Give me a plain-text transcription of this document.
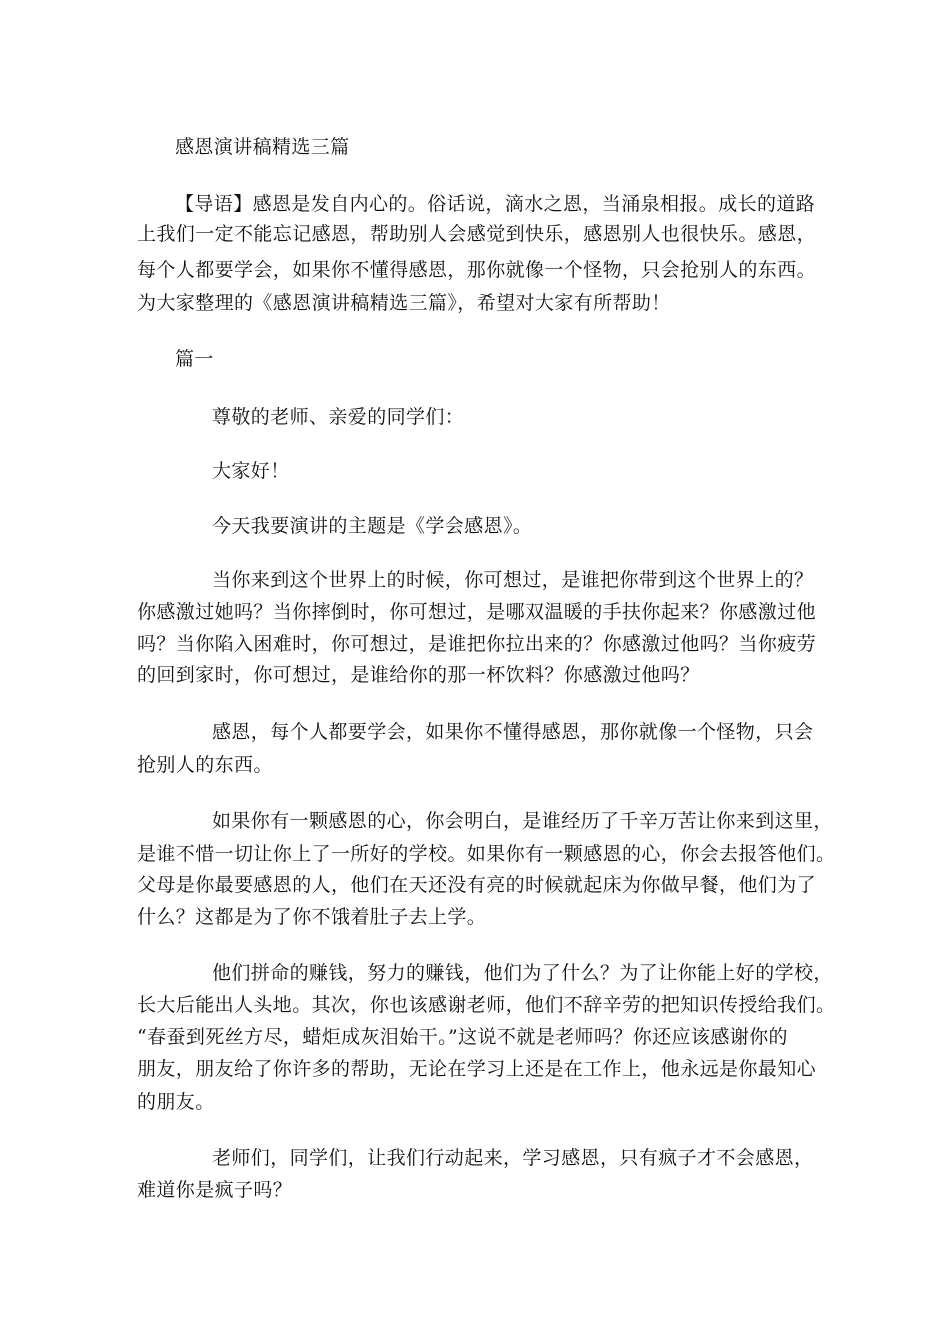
感恩演讲稿精选三篇
【导语】感恩是发自内心的。俗话说，滴水之恩，当涌泉相报。成长的道路
上我们一定不能忘记感恩，帮助别人会感觉到快乐，感恩别人也很快乐。感恩，
每个人都要学会，如果你不懂得感恩，那你就像一个怪物，只会抢别人的东西。
为大家整理的《感恩演讲稿精选三篇》，希望对大家有所帮助！
篇一
尊敬的老师、亲爱的同学们：
大家好！
今天我要演讲的主题是《学会感恩》。
当你来到这个世界上的时候，你可想过，是谁把你带到这个世界上的？
你感激过她吗？当你摔倒时，你可想过，是哪双温暖的手扶你起来？你感激过他
吗？当你陷入困难时，你可想过，是谁把你拉出来的？你感激过他吗？当你疲劳
的回到家时，你可想过，是谁给你的那一杯饮料？你感激过他吗？
感恩，每个人都要学会，如果你不懂得感恩，那你就像一个怪物，只会
抢别人的东西。
如果你有一颗感恩的心，你会明白，是谁经历了千辛万苦让你来到这里，
是谁不惜一切让你上了一所好的学校。如果你有一颗感恩的心，你会去报答他们。
父母是你最要感恩的人，他们在天还没有亮的时候就起床为你做早餐，他们为了
什么？这都是为了你不饿着肚子去上学。
他们拼命的赚钱，努力的赚钱，他们为了什么？为了让你能上好的学校，
长大后能出人头地。其次，你也该感谢老师，他们不辞辛劳的把知识传授给我们。
“春蚕到死丝方尽，蜡炬成灰泪始干。”这说不就是老师吗？你还应该感谢你的
朋友，朋友给了你许多的帮助，无论在学习上还是在工作上，他永远是你最知心
的朋友。
老师们，同学们，让我们行动起来，学习感恩，只有疯子才不会感恩，
难道你是疯子吗？
